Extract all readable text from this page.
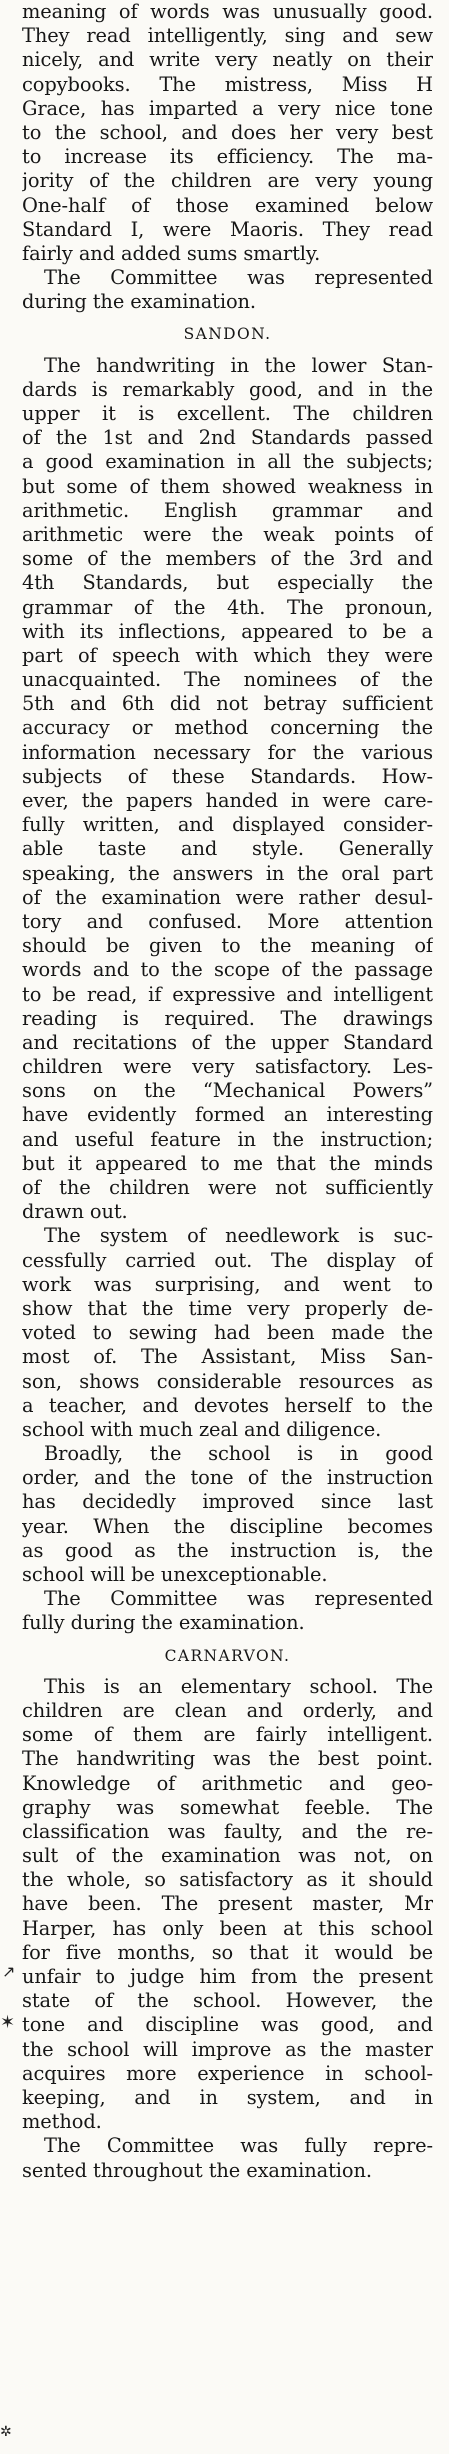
meaning of words was unusually good.
They read intelligently, sing and sew
nicely, and write very neatly on their
copybooks. The mistress, Miss H
Grace, has imparted a very nice tone
to the school, and does her very best
to increase its efficiency. The ma-
jority of the children are very young
One-half of those examined below
Standard I, were Maoris. They read
fairly and added sums smartly.
The Committee was represented
during the examination.
SANDON.
The handwriting in the lower Stan-
dards is remarkably good, and in the
upper it is excellent. The children
of the 1st and 2nd Standards passed
a good examination in all the subjects;
but some of them showed weakness in
arithmetic. English grammar and
arithmetic were the weak points of
some of the members of the 3rd and
4th Standards, but especially the
grammar of the 4th. The pronoun,
with its inflections, appeared to be a
part of speech with which they were
unacquainted. The nominees of the
5th and 6th did not betray sufficient
accuracy or method concerning the
information necessary for the various
subjects of these Standards. How-
ever, the papers handed in were care-
fully written, and displayed consider-
able taste and style. Generally
speaking, the answers in the oral part
of the examination were rather desul-
tory and confused. More attention
should be given to the meaning of
words and to the scope of the passage
to be read, if expressive and intelligent
reading is required. The drawings
and recitations of the upper Standard
children were very satisfactory. Les-
sons on the “Mechanical Powers”
have evidently formed an interesting
and useful feature in the instruction;
but it appeared to me that the minds
of the children were not sufficiently
drawn out.
The system of needlework is suc-
cessfully carried out. The display of
work was surprising, and went to
show that the time very properly de-
voted to sewing had been made the
most of. The Assistant, Miss San-
son, shows considerable resources as
a teacher, and devotes herself to the
school with much zeal and diligence.
Broadly, the school is in good
order, and the tone of the instruction
has decidedly improved since last
year. When the discipline becomes
as good as the instruction is, the
school will be unexceptionable.
The Committee was represented
fully during the examination.
CARNARVON.
This is an elementary school. The
children are clean and orderly, and
some of them are fairly intelligent.
The handwriting was the best point.
Knowledge of arithmetic and geo-
graphy was somewhat feeble. The
classification was faulty, and the re-
sult of the examination was not, on
the whole, so satisfactory as it should
have been. The present master, Mr
Harper, has only been at this school
for five months, so that it would be
unfair to judge him from the present
state of the school. However, the
tone and discipline was good, and
the school will improve as the master
acquires more experience in school-
keeping, and in system, and in
method.
The Committee was fully repre-
sented throughout the examination.
↗
✶
✲
